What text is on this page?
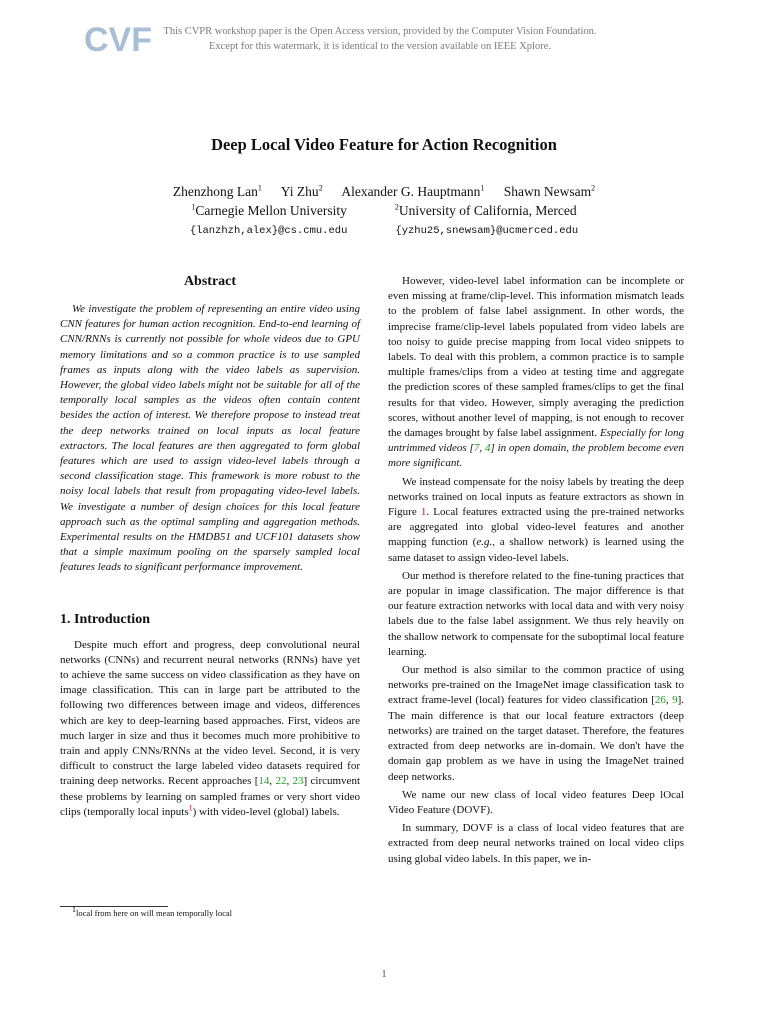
CVF	This CVPR workshop paper is the Open Access version, provided by the Computer Vision Foundation.
Except for this watermark, it is identical to the version available on IEEE Xplore.
Deep Local Video Feature for Action Recognition
Zhenzhong Lan$^1$ Yi Zhu$^2$ Alexander G. Hauptmann$^1$ Shawn Newsam$^2$
$^1$Carnegie Mellon University	$^2$University of California, Merced
{lanzhzh,alex}@cs.cmu.edu	{yzhu25,snewsam}@ucmerced.edu
Abstract

We investigate the problem of representing an entire video using CNN features for human action recognition. End-to-end learning of CNN/RNNs is currently not possible for whole videos due to GPU memory limitations and so a common practice is to use sampled frames as inputs along with the video labels as supervision. However, the global video labels might not be suitable for all of the temporally local samples as the videos often contain content besides the action of interest. We therefore propose to instead treat the deep networks trained on local inputs as local feature extractors. The local features are then aggregated to form global features which are used to assign video-level labels through a second classification stage. This framework is more robust to the noisy local labels that result from propagating video-level labels. We investigate a number of design choices for this local feature approach such as the optimal sampling and aggregation methods. Experimental results on the HMDB51 and UCF101 datasets show that a simple maximum pooling on the sparsely sampled local features leads to significant performance improvement.

1. Introduction

Despite much effort and progress, deep convolutional neural networks (CNNs) and recurrent neural networks (RNNs) have yet to achieve the same success on video classification as they have on image classification. This can in large part be attributed to the following two differences between image and videos, differences which are key to deep-learning based approaches. First, videos are much larger in size and thus it becomes much more prohibitive to train and apply CNNs/RNNs at the video level. Second, it is very difficult to construct the large labeled video datasets required for training deep networks. Recent approaches [14, 22, 23] circumvent these problems by learning on sampled frames or very short video clips (temporally local inputs$^1$) with video-level (global) labels.

However, video-level label information can be incomplete or even missing at frame/clip-level. This information mismatch leads to the problem of false label assignment. In other words, the imprecise frame/clip-level labels populated from video labels are too noisy to guide precise mapping from local video snippets to labels. To deal with this problem, a common practice is to sample multiple frames/clips from a video at testing time and aggregate the prediction scores of these sampled frames/clips to get the final results for that video. However, simply averaging the prediction scores, without another level of mapping, is not enough to recover the damages brought by false label assignment. Especially for long untrimmed videos [7, 4] in open domain, the problem become even more significant.

We instead compensate for the noisy labels by treating the deep networks trained on local inputs as feature extractors as shown in Figure 1. Local features extracted using the pre-trained networks are aggregated into global video-level features and another mapping function (e.g., a shallow network) is learned using the same dataset to assign video-level labels.

Our method is therefore related to the fine-tuning practices that are popular in image classification. The major difference is that our feature extraction networks with local data and with very noisy labels due to the false label assignment. We thus rely heavily on the shallow network to compensate for the suboptimal local feature learning.

Our method is also similar to the common practice of using networks pre-trained on the ImageNet image classification task to extract frame-level (local) features for video classification [26, 9]. The main difference is that our local feature extractors (deep networks) are trained on the target dataset. Therefore, the features extracted from deep networks are in-domain. We don't have the domain gap problem as we have in using the ImageNet trained deep networks.

We name our new class of local video features Deep lOcal Video Feature (DOVF).

In summary, DOVF is a class of local video features that are extracted from deep neural networks trained on local video clips using global video labels. In this paper, we in-

$^1$local from here on will mean temporally local
1
